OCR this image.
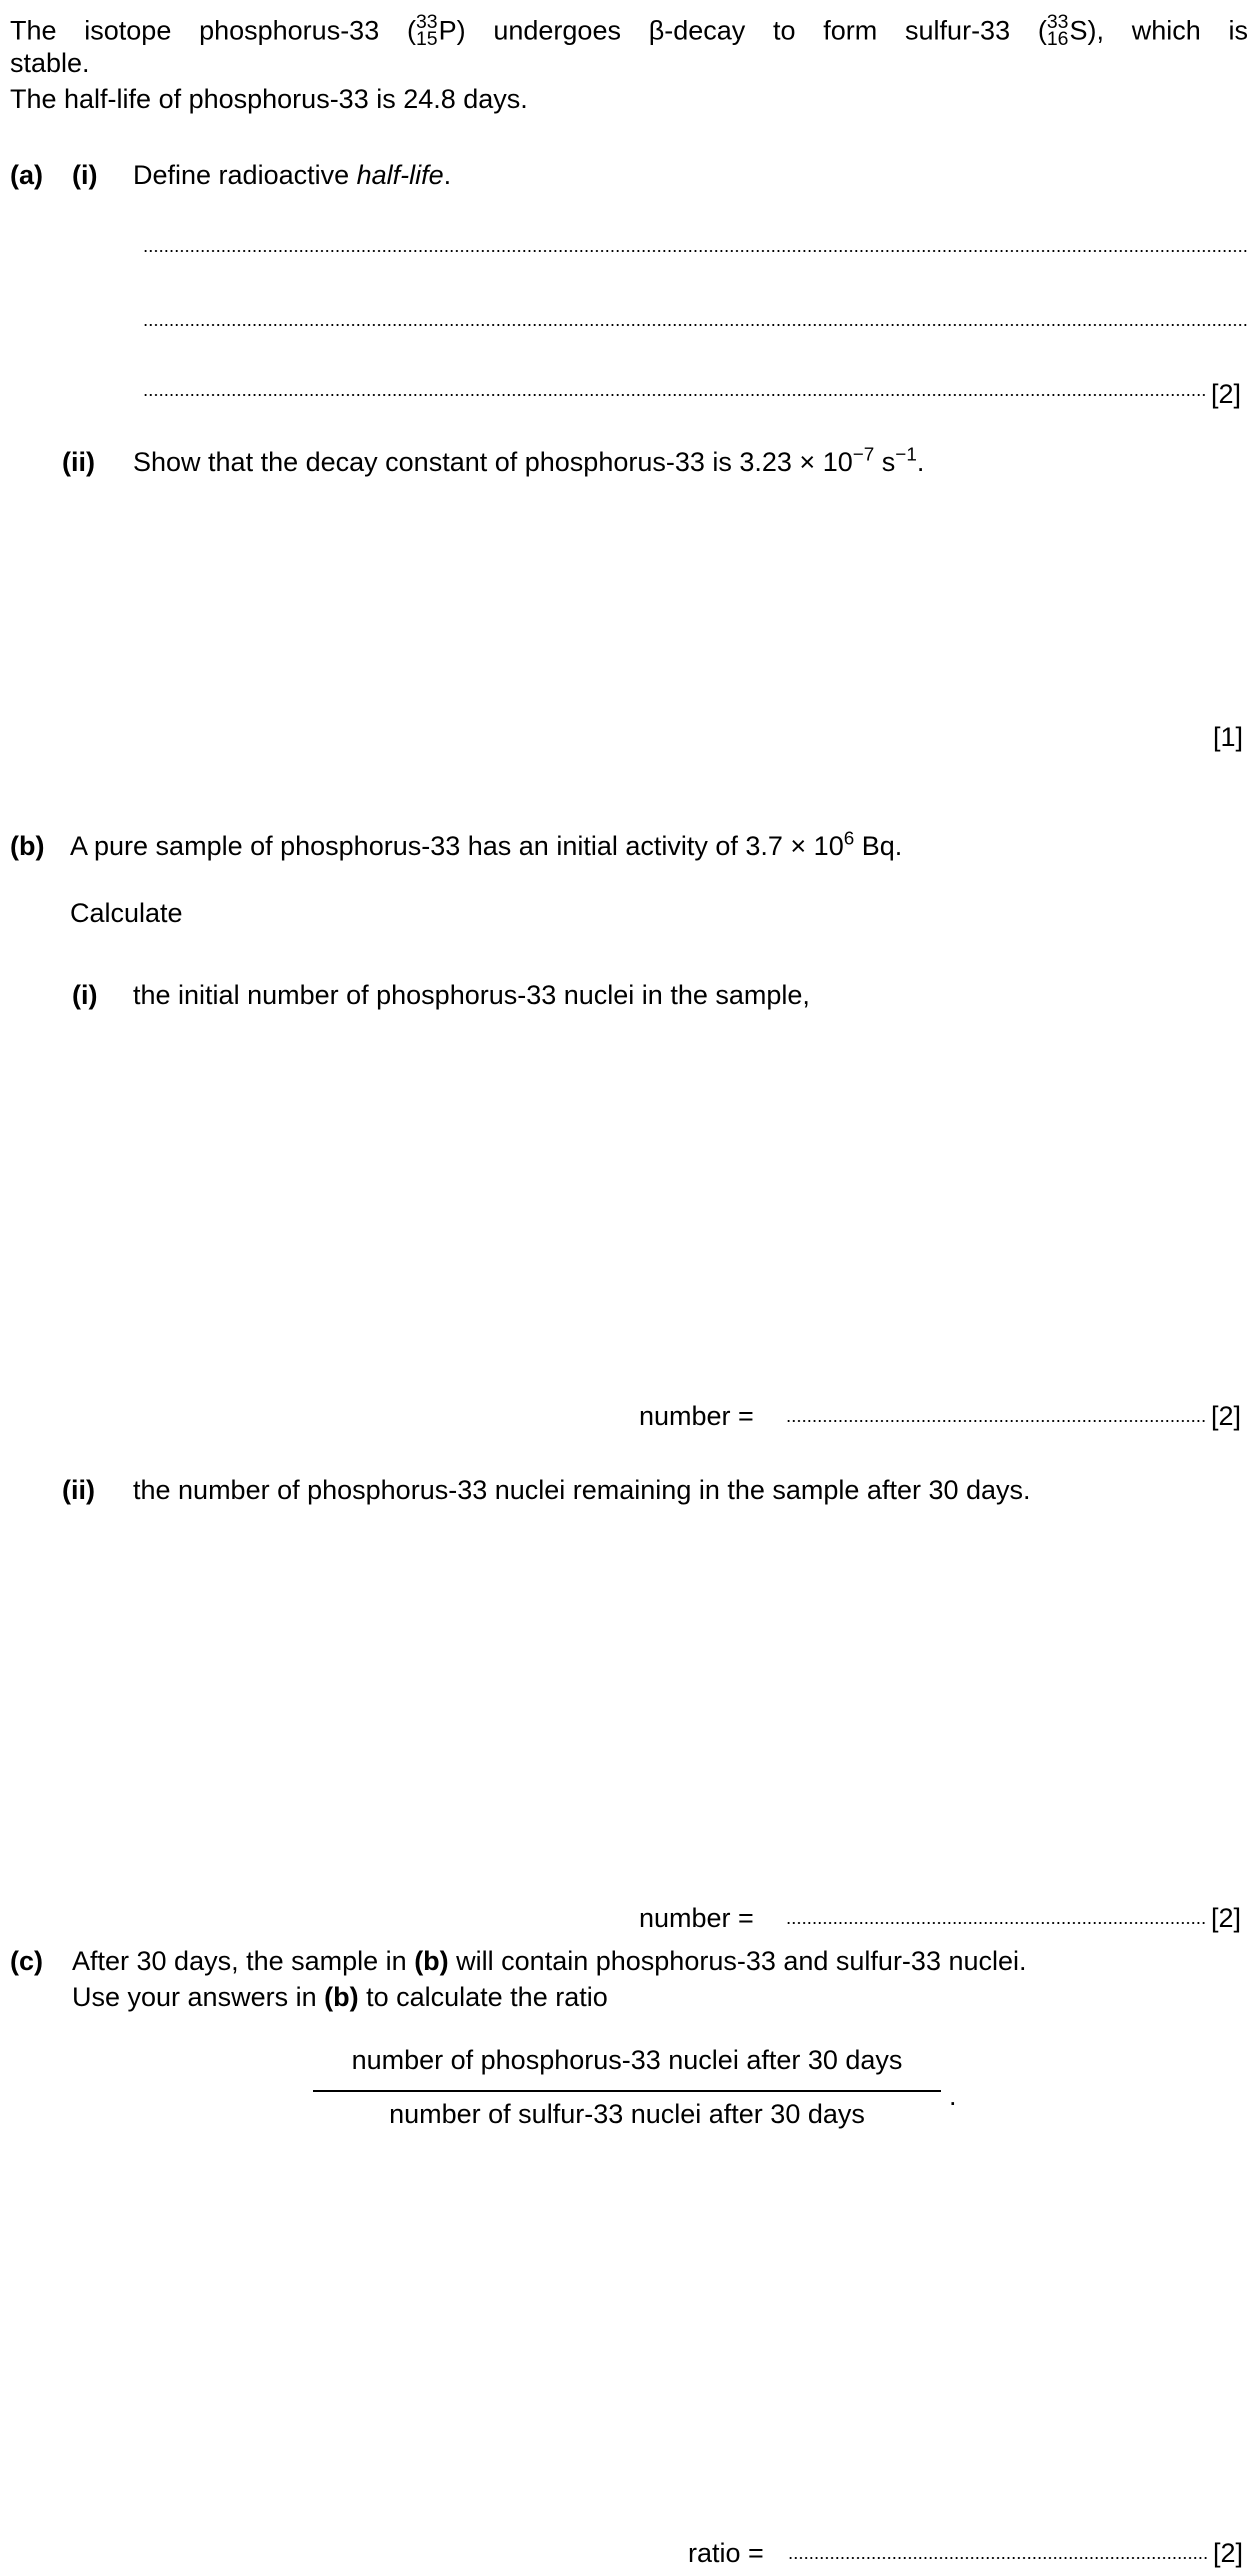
The isotope phosphorus-33 ( 33
15 P) undergoes β-decay to form sulfur-33 ( 33
16 S), which is
stable.
The half-life of phosphorus-33 is 24.8 days.
(a) (i) Define radioactive half-life.
[2]
(ii) Show that the decay constant of phosphorus-33 is $3.23 \times 10^{-7}$ $s^{-1}$.
[1]
(b) A pure sample of phosphorus-33 has an initial activity of $3.7 \times 10^6$ Bq.
Calculate
(i) the initial number of phosphorus-33 nuclei in the sample,
number =	[2]
(ii) the number of phosphorus-33 nuclei remaining in the sample after 30 days.
number =	[2]
(c) After 30 days, the sample in (b) will contain phosphorus-33 and sulfur-33 nuclei.
Use your answers in (b) to calculate the ratio
number of phosphorus-33 nuclei after 30 days
.
number of sulfur-33 nuclei after 30 days
ratio =	[2]
